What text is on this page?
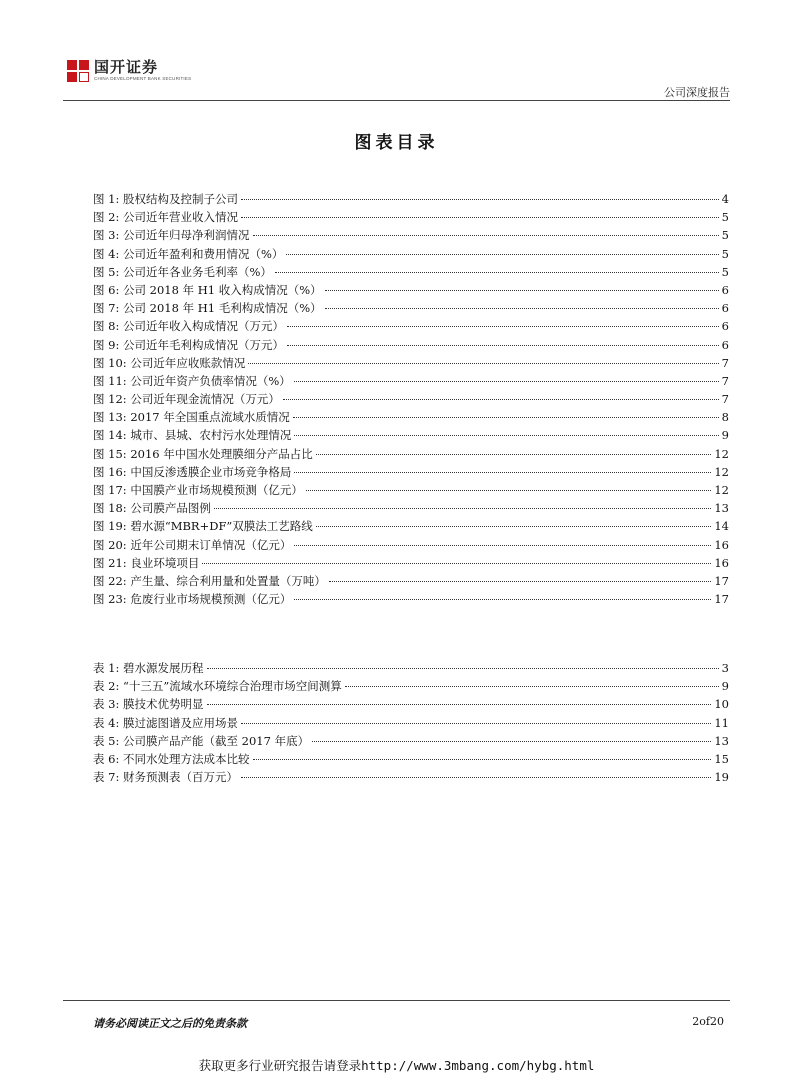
国开证券
CHINA DEVELOPMENT BANK SECURITIES
公司深度报告
图表目录
图 1: 股权结构及控制子公司	4
图 2: 公司近年营业收入情况	5
图 3: 公司近年归母净利润情况	5
图 4: 公司近年盈利和费用情况（%）	5
图 5: 公司近年各业务毛利率（%）	5
图 6: 公司 2018 年 H1 收入构成情况（%）	6
图 7: 公司 2018 年 H1 毛利构成情况（%）	6
图 8: 公司近年收入构成情况（万元）	6
图 9: 公司近年毛利构成情况（万元）	6
图 10: 公司近年应收账款情况	7
图 11: 公司近年资产负债率情况（%）	7
图 12: 公司近年现金流情况（万元）	7
图 13: 2017 年全国重点流域水质情况	8
图 14: 城市、县城、农村污水处理情况	9
图 15: 2016 年中国水处理膜细分产品占比	12
图 16: 中国反渗透膜企业市场竞争格局	12
图 17: 中国膜产业市场规模预测（亿元）	12
图 18: 公司膜产品图例	13
图 19: 碧水源“MBR+DF”双膜法工艺路线	14
图 20: 近年公司期末订单情况（亿元）	16
图 21: 良业环境项目	16
图 22: 产生量、综合利用量和处置量（万吨）	17
图 23: 危废行业市场规模预测（亿元）	17
表 1: 碧水源发展历程	3
表 2: “十三五”流域水环境综合治理市场空间测算	9
表 3: 膜技术优势明显	10
表 4: 膜过滤图谱及应用场景	11
表 5: 公司膜产品产能（截至 2017 年底）	13
表 6: 不同水处理方法成本比较	15
表 7: 财务预测表（百万元）	19
请务必阅读正文之后的免责条款	2of20
获取更多行业研究报告请登录http://www.3mbang.com/hybg.html
